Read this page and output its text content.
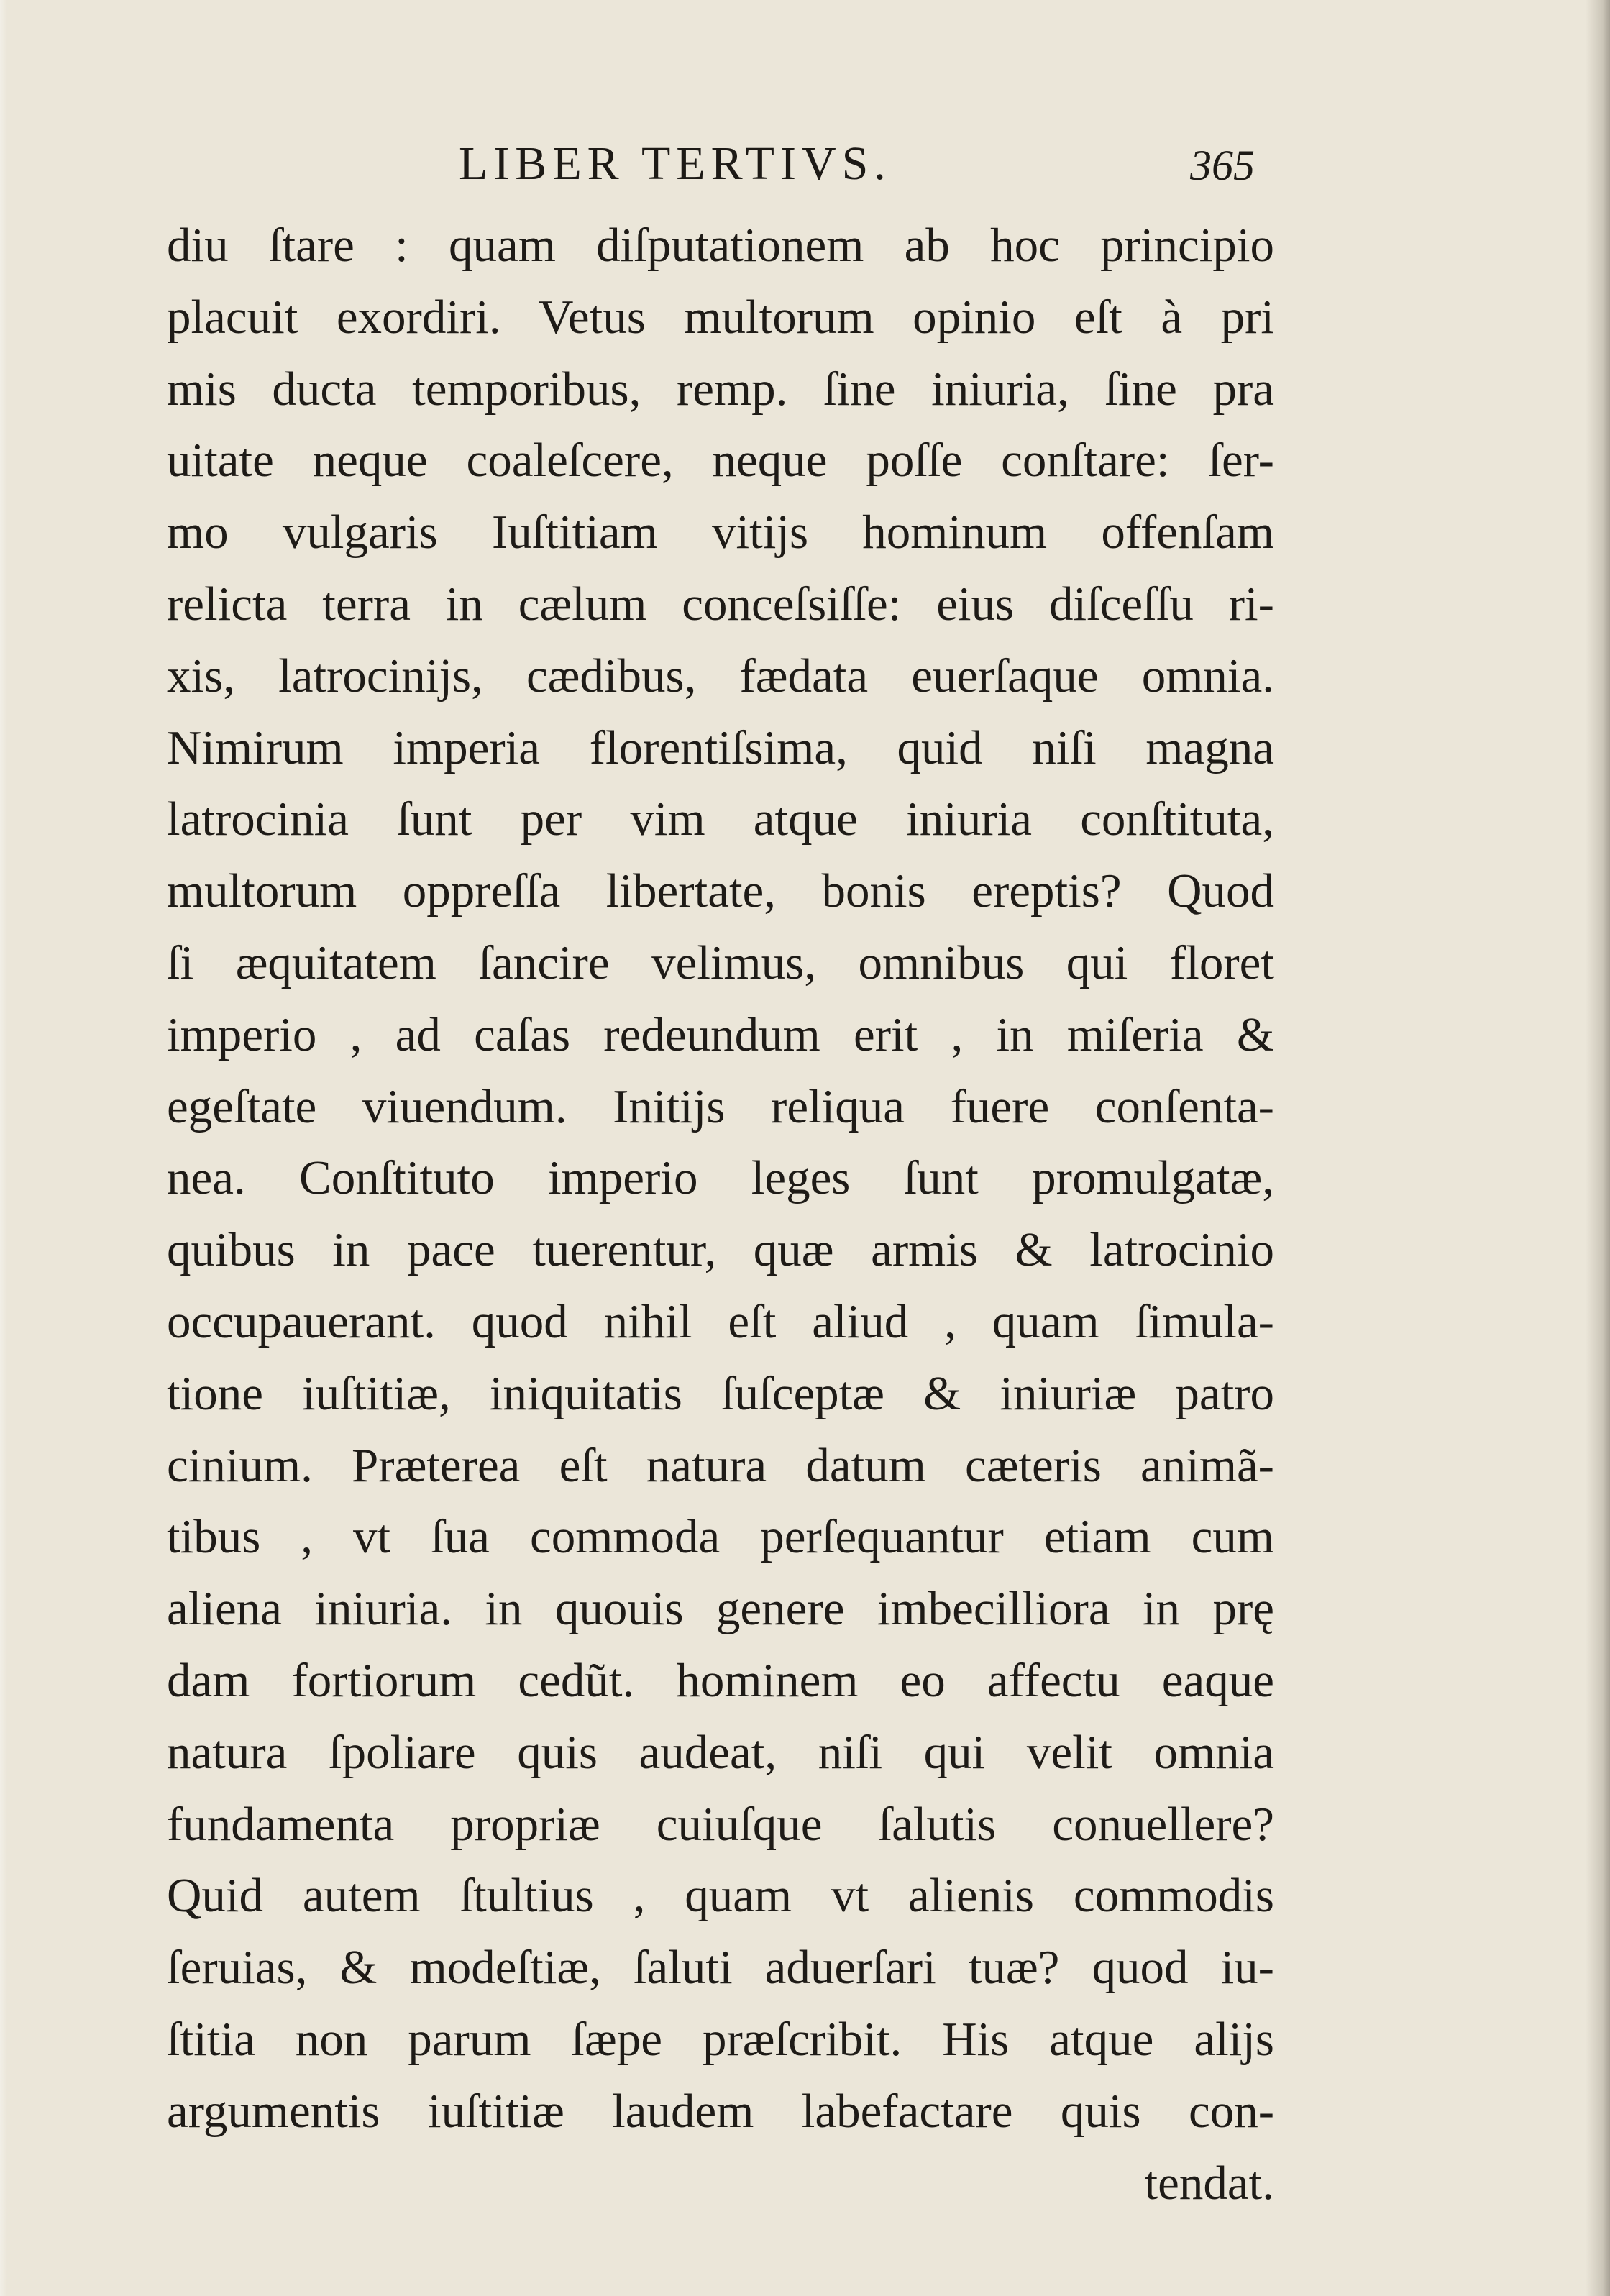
LIBER TERTIVS.	365
diu ſtare : quam diſputationem ab hoc principio
placuit exordiri. Vetus multorum opinio eſt à pri
mis ducta temporibus, remp. ſine iniuria, ſine pra
uitate neque coaleſcere, neque poſſe conſtare: ſer-
mo vulgaris Iuſtitiam vitijs hominum offenſam
relicta terra in cælum conceſsiſſe: eius diſceſſu ri-
xis, latrocinijs, cædibus, fædata euerſaque omnia.
Nimirum imperia florentiſsima, quid niſi magna
latrocinia ſunt per vim atque iniuria conſtituta,
multorum oppreſſa libertate, bonis ereptis? Quod
ſi æquitatem ſancire velimus, omnibus qui floret
imperio , ad caſas redeundum erit , in miſeria &
egeſtate viuendum. Initijs reliqua fuere conſenta-
nea. Conſtituto imperio leges ſunt promulgatæ,
quibus in pace tuerentur, quæ armis & latrocinio
occupauerant. quod nihil eſt aliud , quam ſimula-
tione iuſtitiæ, iniquitatis ſuſceptæ & iniuriæ patro
cinium. Præterea eſt natura datum cæteris animã-
tibus , vt ſua commoda perſequantur etiam cum
aliena iniuria. in quouis genere imbecilliora in prę
dam fortiorum cedũt. hominem eo affectu eaque
natura ſpoliare quis audeat, niſi qui velit omnia
fundamenta propriæ cuiuſque ſalutis conuellere?
Quid autem ſtultius , quam vt alienis commodis
ſeruias, & modeſtiæ, ſaluti aduerſari tuæ? quod iu-
ſtitia non parum ſæpe præſcribit. His atque alijs
argumentis iuſtitiæ laudem labefactare quis con-
tendat.
